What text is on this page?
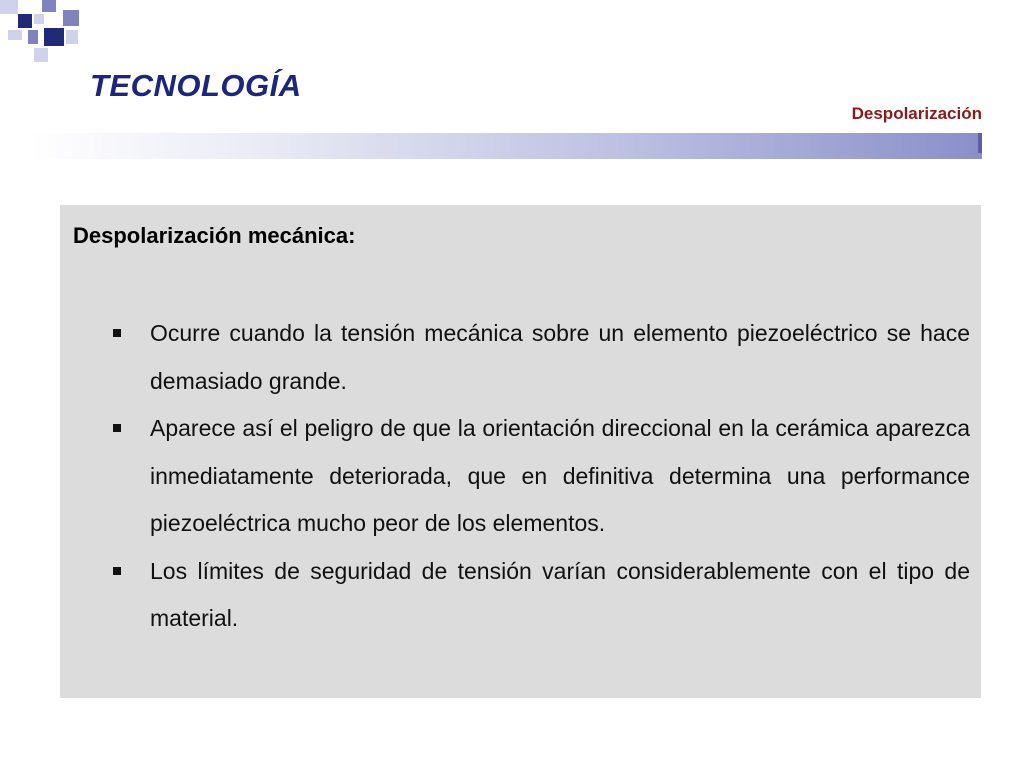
TECNOLOGÍA
Despolarización
Despolarización mecánica:
Ocurre cuando la tensión mecánica sobre un elemento piezoeléctrico se hace demasiado grande.
Aparece así el peligro de que la orientación direccional en la cerámica aparezca inmediatamente deteriorada, que en definitiva determina una performance piezoeléctrica mucho peor de los elementos.
Los límites de seguridad de tensión varían considerablemente con el tipo de material.
